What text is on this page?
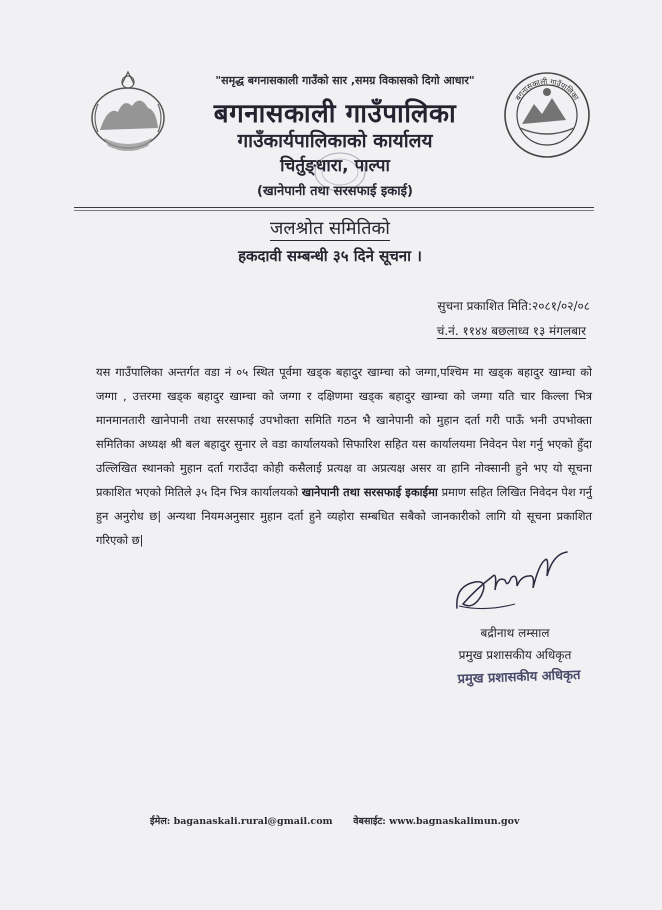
बगनासकाली गाउँपालिका
"समृद्ध बगनासकाली गाउँको सार ,समग्र विकासको दिगो आधार"
बगनासकाली गाउँपालिका
गाउँकार्यपालिकाको कार्यालय
चिर्तुङ्धारा, पाल्पा
(खानेपानी तथा सरसफाई इकाई)
जलश्रोत समितिको
हकदावी सम्बन्धी ३५ दिने सूचना ।
सुचना प्रकाशित मिति:२०८१/०२/०८
चं.नं. ११४४ बछलाध्व १३ मंगलबार
यस गाउँपालिका अन्तर्गत वडा नं ०५ स्थित पूर्वमा खड्क बहादुर खाम्चा को जग्गा,पश्चिम मा खड्क बहादुर खाम्चा को जग्गा , उत्तरमा खड्क बहादुर खाम्चा को जग्गा र दक्षिणमा खड्क बहादुर खाम्चा को जग्गा यति चार किल्ला भित्र मानमानतारी खानेपानी तथा सरसफाई उपभोक्ता समिति गठन भै खानेपानी को मुहान दर्ता गरी पाऊँ भनी उपभोक्ता समितिका अध्यक्ष श्री बल बहादुर सुनार ले वडा कार्यालयको सिफारिश सहित यस कार्यालयमा निवेदन पेश गर्नु भएको हुँदा उल्लिखित स्थानको मुहान दर्ता गराउँदा कोही कसैलाई प्रत्यक्ष वा अप्रत्यक्ष असर वा हानि नोक्सानी हुने भए यो सूचना प्रकाशित भएको मितिले ३५ दिन भित्र कार्यालयको खानेपानी तथा सरसफाई इकाईमा प्रमाण सहित लिखित निवेदन पेश गर्नु हुन अनुरोध छ| अन्यथा नियमअनुसार मुहान दर्ता हुने व्यहोरा सम्बधित सबैको जानकारीको लागि यो सूचना प्रकाशित गरिएको छ|
बद्रीनाथ लम्साल
प्रमुख प्रशासकीय अधिकृत
प्रमुख प्रशासकीय अधिकृत
ईमेल: baganaskali.rural@gmail.com वेबसाईट: www.bagnaskalimun.gov
